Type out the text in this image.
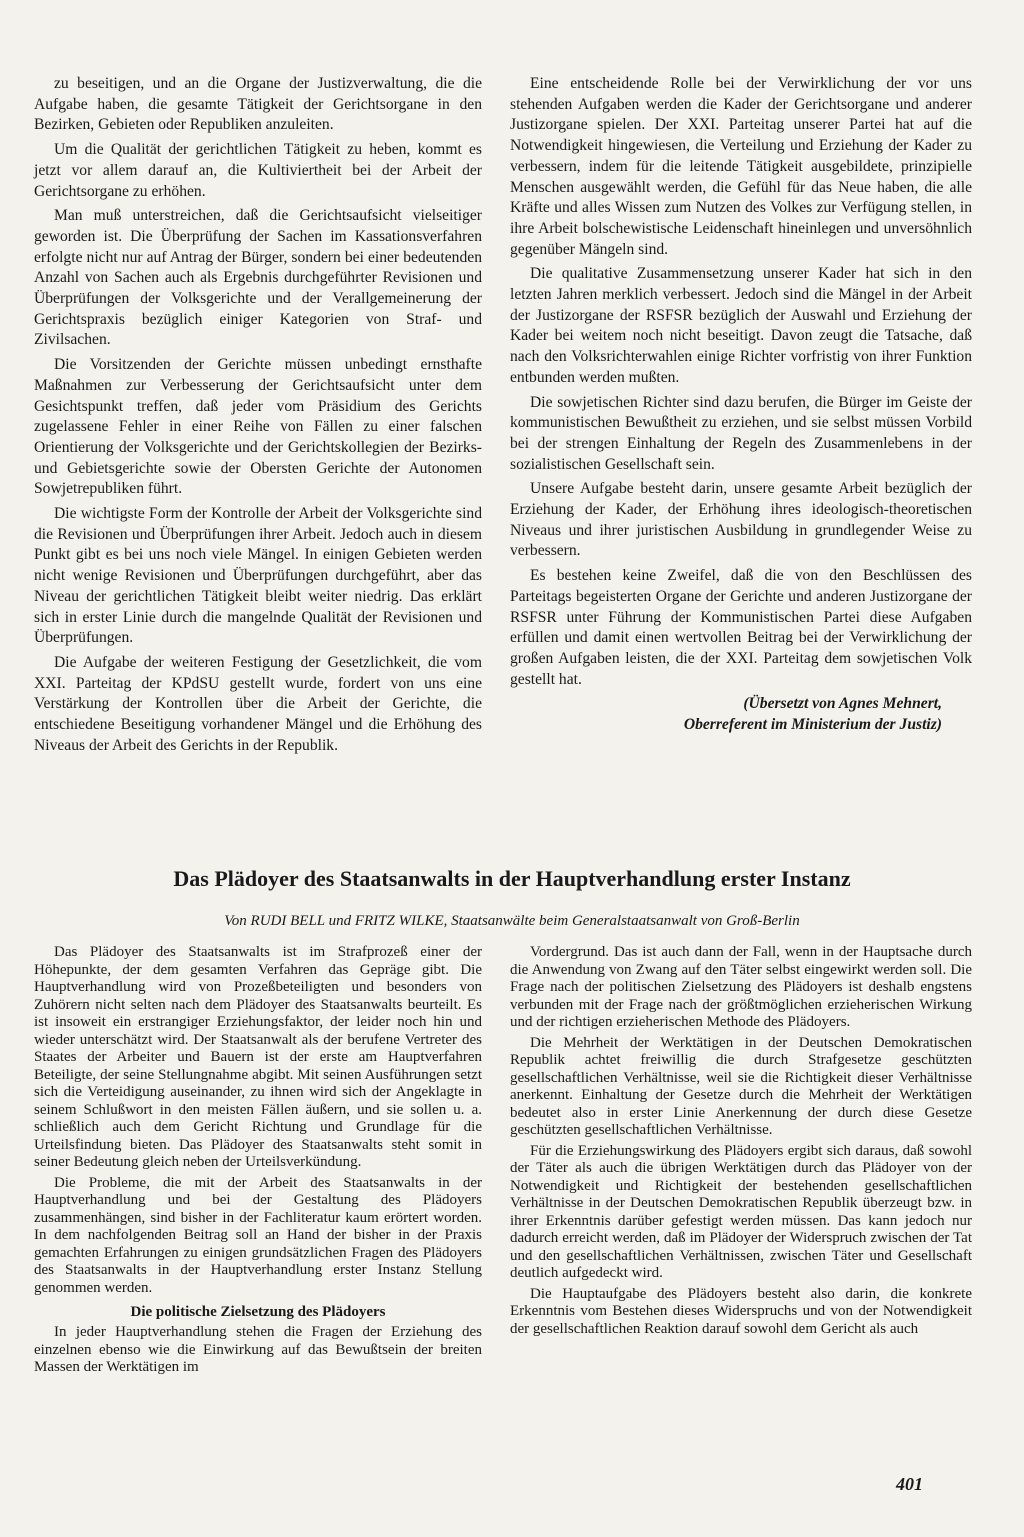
zu beseitigen, und an die Organe der Justizverwaltung, die die Aufgabe haben, die gesamte Tätigkeit der Gerichtsorgane in den Bezirken, Gebieten oder Republiken anzuleiten.

Um die Qualität der gerichtlichen Tätigkeit zu heben, kommt es jetzt vor allem darauf an, die Kultiviertheit bei der Arbeit der Gerichtsorgane zu erhöhen.

Man muß unterstreichen, daß die Gerichtsaufsicht vielseitiger geworden ist. Die Überprüfung der Sachen im Kassationsverfahren erfolgte nicht nur auf Antrag der Bürger, sondern bei einer bedeutenden Anzahl von Sachen auch als Ergebnis durchgeführter Revisionen und Überprüfungen der Volksgerichte und der Verallgemeinerung der Gerichtspraxis bezüglich einiger Kategorien von Straf- und Zivilsachen.

Die Vorsitzenden der Gerichte müssen unbedingt ernsthafte Maßnahmen zur Verbesserung der Gerichtsaufsicht unter dem Gesichtspunkt treffen, daß jeder vom Präsidium des Gerichts zugelassene Fehler in einer Reihe von Fällen zu einer falschen Orientierung der Volksgerichte und der Gerichtskollegien der Bezirks- und Gebietsgerichte sowie der Obersten Gerichte der Autonomen Sowjetrepubliken führt.

Die wichtigste Form der Kontrolle der Arbeit der Volksgerichte sind die Revisionen und Überprüfungen ihrer Arbeit. Jedoch auch in diesem Punkt gibt es bei uns noch viele Mängel. In einigen Gebieten werden nicht wenige Revisionen und Überprüfungen durchgeführt, aber das Niveau der gerichtlichen Tätigkeit bleibt weiter niedrig. Das erklärt sich in erster Linie durch die mangelnde Qualität der Revisionen und Überprüfungen.

Die Aufgabe der weiteren Festigung der Gesetzlichkeit, die vom XXI. Parteitag der KPdSU gestellt wurde, fordert von uns eine Verstärkung der Kontrollen über die Arbeit der Gerichte, die entschiedene Beseitigung vorhandener Mängel und die Erhöhung des Niveaus der Arbeit des Gerichts in der Republik.

Eine entscheidende Rolle bei der Verwirklichung der vor uns stehenden Aufgaben werden die Kader der Gerichtsorgane und anderer Justizorgane spielen. Der XXI. Parteitag unserer Partei hat auf die Notwendigkeit hingewiesen, die Verteilung und Erziehung der Kader zu verbessern, indem für die leitende Tätigkeit ausgebildete, prinzipielle Menschen ausgewählt werden, die Gefühl für das Neue haben, die alle Kräfte und alles Wissen zum Nutzen des Volkes zur Verfügung stellen, in ihre Arbeit bolschewistische Leidenschaft hineinlegen und unversöhnlich gegenüber Mängeln sind.

Die qualitative Zusammensetzung unserer Kader hat sich in den letzten Jahren merklich verbessert. Jedoch sind die Mängel in der Arbeit der Justizorgane der RSFSR bezüglich der Auswahl und Erziehung der Kader bei weitem noch nicht beseitigt. Davon zeugt die Tatsache, daß nach den Volksrichterwahlen einige Richter vorfristig von ihrer Funktion entbunden werden mußten.

Die sowjetischen Richter sind dazu berufen, die Bürger im Geiste der kommunistischen Bewußtheit zu erziehen, und sie selbst müssen Vorbild bei der strengen Einhaltung der Regeln des Zusammenlebens in der sozialistischen Gesellschaft sein.

Unsere Aufgabe besteht darin, unsere gesamte Arbeit bezüglich der Erziehung der Kader, der Erhöhung ihres ideologisch-theoretischen Niveaus und ihrer juristischen Ausbildung in grundlegender Weise zu verbessern.

Es bestehen keine Zweifel, daß die von den Beschlüssen des Parteitags begeisterten Organe der Gerichte und anderen Justizorgane der RSFSR unter Führung der Kommunistischen Partei diese Aufgaben erfüllen und damit einen wertvollen Beitrag bei der Verwirklichung der großen Aufgaben leisten, die der XXI. Parteitag dem sowjetischen Volk gestellt hat.

(Übersetzt von Agnes Mehnert,
Oberreferent im Ministerium der Justiz)
Das Plädoyer des Staatsanwalts in der Hauptverhandlung erster Instanz

Von RUDI BELL und FRITZ WILKE, Staatsanwälte beim Generalstaatsanwalt von Groß-Berlin

Das Plädoyer des Staatsanwalts ist im Strafprozeß einer der Höhepunkte, der dem gesamten Verfahren das Gepräge gibt. Die Hauptverhandlung wird von Prozeßbeteiligten und besonders von Zuhörern nicht selten nach dem Plädoyer des Staatsanwalts beurteilt. Es ist insoweit ein erstrangiger Erziehungsfaktor, der leider noch hin und wieder unterschätzt wird. Der Staatsanwalt als der berufene Vertreter des Staates der Arbeiter und Bauern ist der erste am Hauptverfahren Beteiligte, der seine Stellungnahme abgibt. Mit seinen Ausführungen setzt sich die Verteidigung auseinander, zu ihnen wird sich der Angeklagte in seinem Schlußwort in den meisten Fällen äußern, und sie sollen u. a. schließlich auch dem Gericht Richtung und Grundlage für die Urteilsfindung bieten. Das Plädoyer des Staatsanwalts steht somit in seiner Bedeutung gleich neben der Urteilsverkündung.

Die Probleme, die mit der Arbeit des Staatsanwalts in der Hauptverhandlung und bei der Gestaltung des Plädoyers zusammenhängen, sind bisher in der Fachliteratur kaum erörtert worden. In dem nachfolgenden Beitrag soll an Hand der bisher in der Praxis gemachten Erfahrungen zu einigen grundsätzlichen Fragen des Plädoyers des Staatsanwalts in der Hauptverhandlung erster Instanz Stellung genommen werden.

Die politische Zielsetzung des Plädoyers

In jeder Hauptverhandlung stehen die Fragen der Erziehung des einzelnen ebenso wie die Einwirkung auf das Bewußtsein der breiten Massen der Werktätigen im

Vordergrund. Das ist auch dann der Fall, wenn in der Hauptsache durch die Anwendung von Zwang auf den Täter selbst eingewirkt werden soll. Die Frage nach der politischen Zielsetzung des Plädoyers ist deshalb engstens verbunden mit der Frage nach der größtmöglichen erzieherischen Wirkung und der richtigen erzieherischen Methode des Plädoyers.

Die Mehrheit der Werktätigen in der Deutschen Demokratischen Republik achtet freiwillig die durch Strafgesetze geschützten gesellschaftlichen Verhältnisse, weil sie die Richtigkeit dieser Verhältnisse anerkennt. Einhaltung der Gesetze durch die Mehrheit der Werktätigen bedeutet also in erster Linie Anerkennung der durch diese Gesetze geschützten gesellschaftlichen Verhältnisse.

Für die Erziehungswirkung des Plädoyers ergibt sich daraus, daß sowohl der Täter als auch die übrigen Werktätigen durch das Plädoyer von der Notwendigkeit und Richtigkeit der bestehenden gesellschaftlichen Verhältnisse in der Deutschen Demokratischen Republik überzeugt bzw. in ihrer Erkenntnis darüber gefestigt werden müssen. Das kann jedoch nur dadurch erreicht werden, daß im Plädoyer der Widerspruch zwischen der Tat und den gesellschaftlichen Verhältnissen, zwischen Täter und Gesellschaft deutlich aufgedeckt wird.

Die Hauptaufgabe des Plädoyers besteht also darin, die konkrete Erkenntnis vom Bestehen dieses Widerspruchs und von der Notwendigkeit der gesellschaftlichen Reaktion darauf sowohl dem Gericht als auch

401
